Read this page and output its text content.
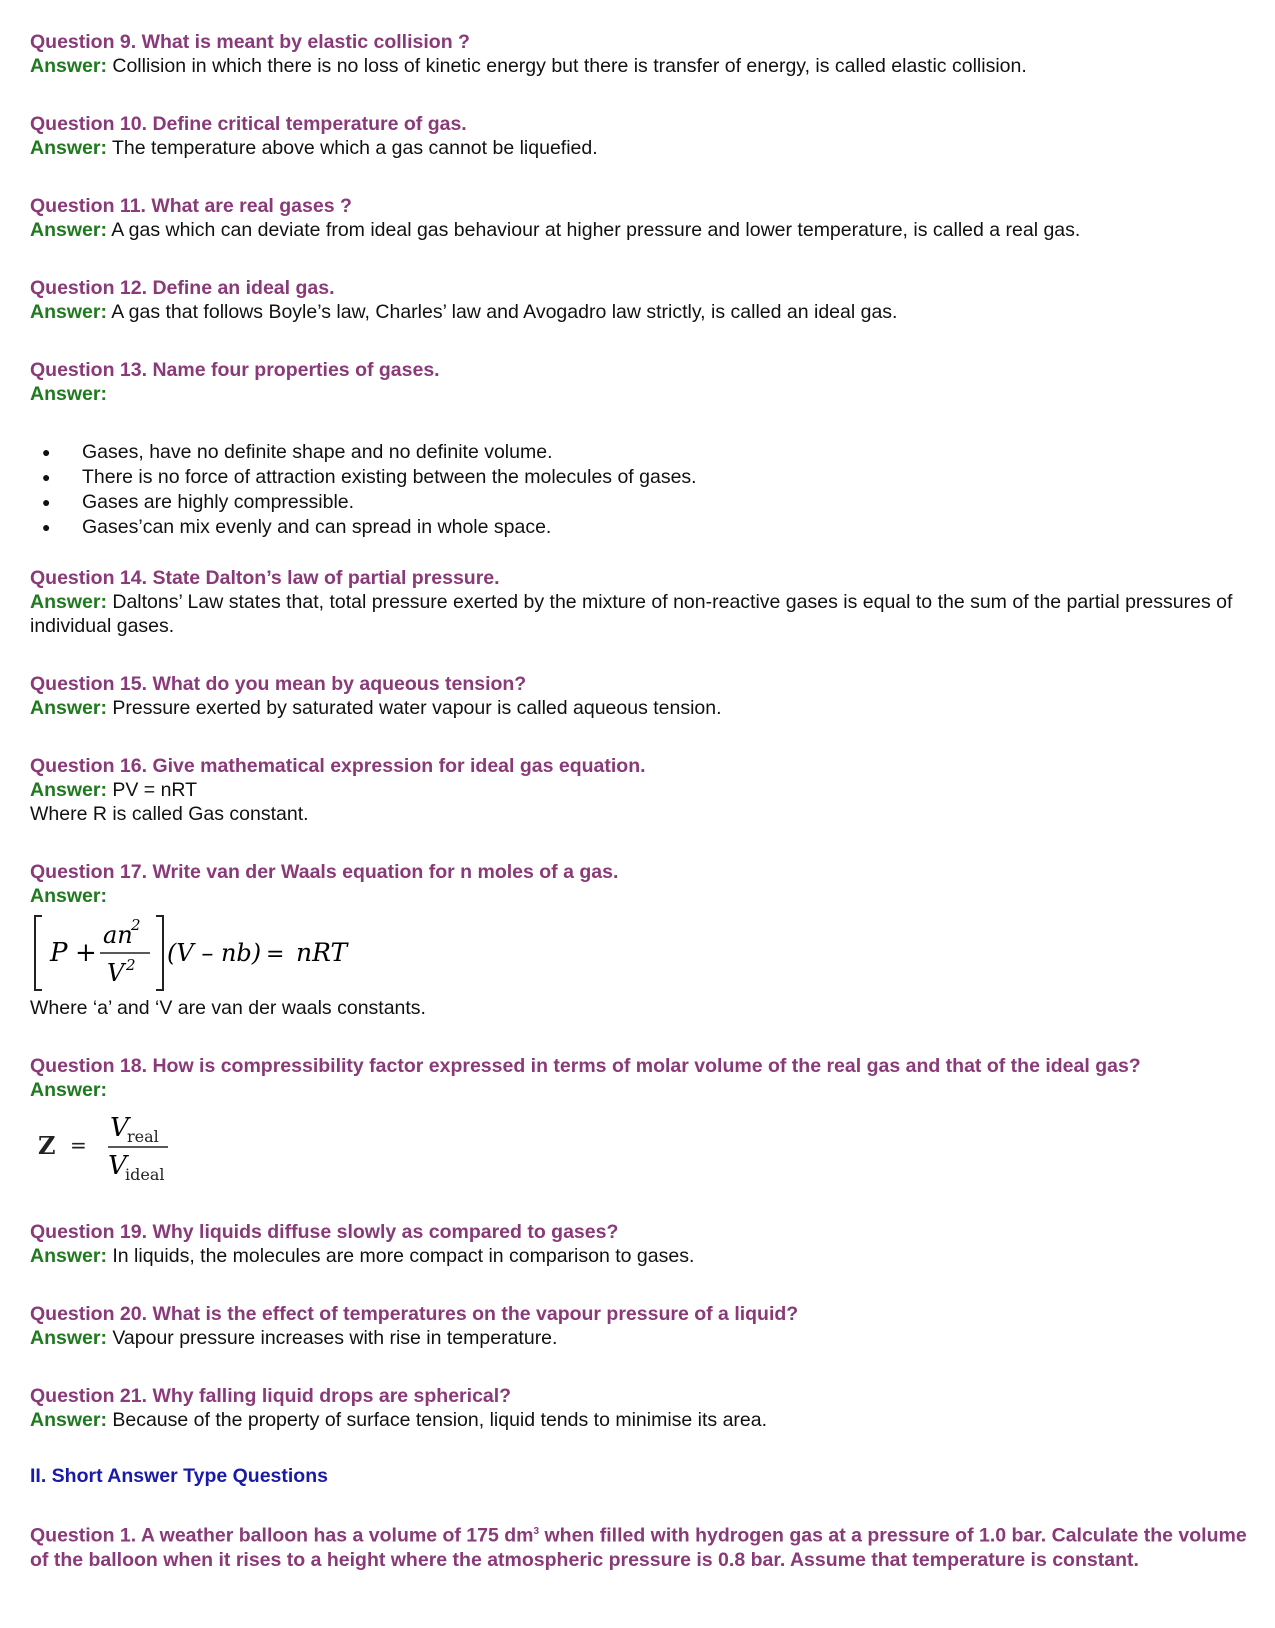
Question 9. What is meant by elastic collision ?
Answer: Collision in which there is no loss of kinetic energy but there is transfer of energy, is called elastic collision.
Question 10. Define critical temperature of gas.
Answer: The temperature above which a gas cannot be liquefied.
Question 11. What are real gases ?
Answer: A gas which can deviate from ideal gas behaviour at higher pressure and lower temperature, is called a real gas.
Question 12. Define an ideal gas.
Answer: A gas that follows Boyle’s law, Charles’ law and Avogadro law strictly, is called an ideal gas.
Question 13. Name four properties of gases.
Answer:
● Gases, have no definite shape and no definite volume.
● There is no force of attraction existing between the molecules of gases.
● Gases are highly compressible.
● Gases’can mix evenly and can spread in whole space.
Question 14. State Dalton’s law of partial pressure.
Answer: Daltons’ Law states that, total pressure exerted by the mixture of non-reactive gases is equal to the sum of the partial pressures of individual gases.
Question 15. What do you mean by aqueous tension?
Answer: Pressure exerted by saturated water vapour is called aqueous tension.
Question 16. Give mathematical expression for ideal gas equation.
Answer: PV = nRT
Where R is called Gas constant.
Question 17. Write van der Waals equation for n moles of a gas.
Answer:
P +
an
2
V 2 (V – nb) = nRT
Where ‘a’ and ‘V are van der waals constants.
Question 18. How is compressibility factor expressed in terms of molar volume of the real gas and that of the ideal gas?
Answer:
Z =
V
real
V
ideal
Question 19. Why liquids diffuse slowly as compared to gases?
Answer: In liquids, the molecules are more compact in comparison to gases.
Question 20. What is the effect of temperatures on the vapour pressure of a liquid?
Answer: Vapour pressure increases with rise in temperature.
Question 21. Why falling liquid drops are spherical?
Answer: Because of the property of surface tension, liquid tends to minimise its area.
II. Short Answer Type Questions
Question 1. A weather balloon has a volume of 175 $dm^3$ when filled with hydrogen gas at a pressure of 1.0 bar. Calculate the volume of the balloon when it rises to a height where the atmospheric pressure is 0.8 bar. Assume that temperature is constant.
